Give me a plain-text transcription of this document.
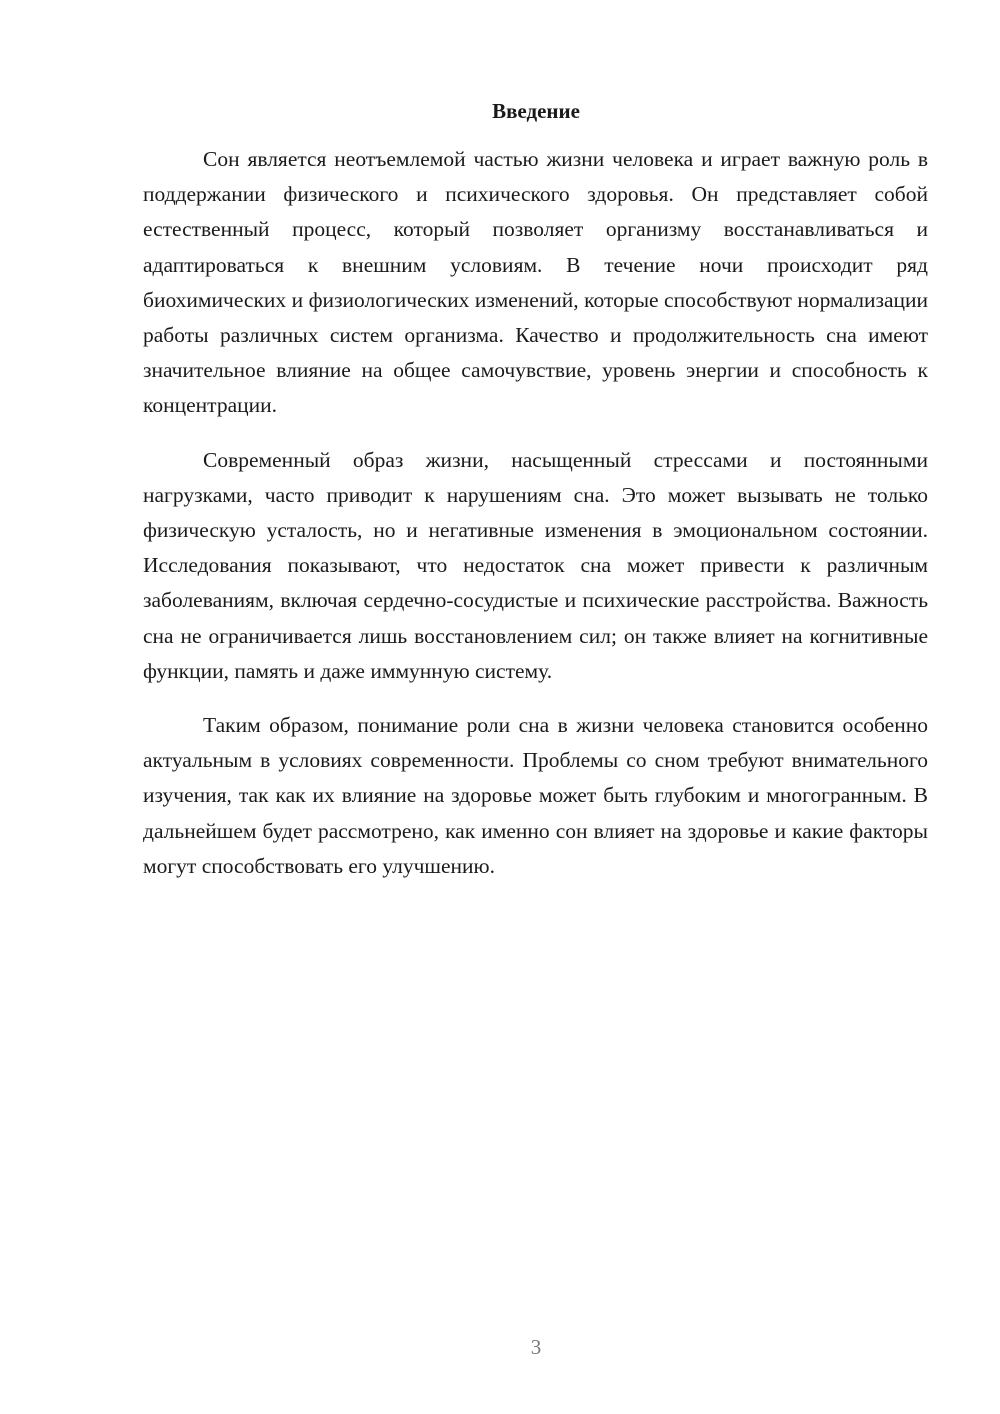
Введение

Сон является неотъемлемой частью жизни человека и играет важную роль в поддержании физического и психического здоровья. Он представляет собой естественный процесс, который позволяет организму восстанавливаться и адаптироваться к внешним условиям. В течение ночи происходит ряд биохимических и физиологических изменений, которые способствуют нормализации работы различных систем организма. Качество и продолжительность сна имеют значительное влияние на общее самочувствие, уровень энергии и способность к концентрации.

Современный образ жизни, насыщенный стрессами и постоянными нагрузками, часто приводит к нарушениям сна. Это может вызывать не только физическую усталость, но и негативные изменения в эмоциональном состоянии. Исследования показывают, что недостаток сна может привести к различным заболеваниям, включая сердечно-сосудистые и психические расстройства. Важность сна не ограничивается лишь восстановлением сил; он также влияет на когнитивные функции, память и даже иммунную систему.

Таким образом, понимание роли сна в жизни человека становится особенно актуальным в условиях современности. Проблемы со сном требуют внимательного изучения, так как их влияние на здоровье может быть глубоким и многогранным. В дальнейшем будет рассмотрено, как именно сон влияет на здоровье и какие факторы могут способствовать его улучшению.

3
